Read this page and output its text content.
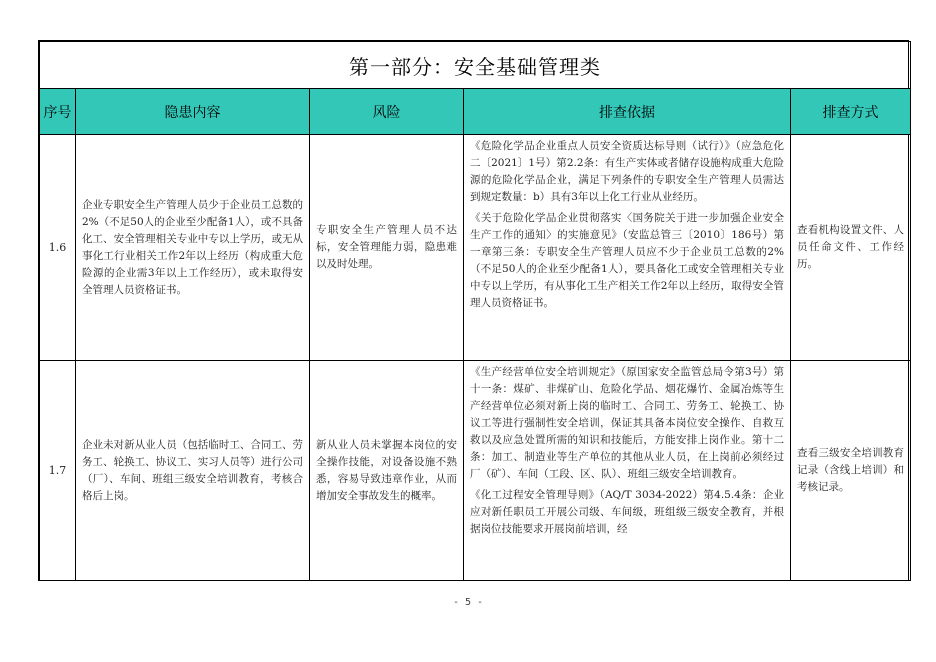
第一部分：安全基础管理类				
序号	隐患内容	风险	排查依据	排查方式
1.6	企业专职安全生产管理人员少于企业员工总数的2%（不足50人的企业至少配备1人），或不具备化工、安全管理相关专业中专以上学历，或无从事化工行业相关工作2年以上经历（构成重大危险源的企业需3年以上工作经历），或未取得安全管理人员资格证书。	专职安全生产管理人员不达标，安全管理能力弱，隐患难以及时处理。	《危险化学品企业重点人员安全资质达标导则（试行）》（应急危化二〔2021〕1号）第2.2条：有生产实体或者储存设施构成重大危险源的危险化学品企业，满足下列条件的专职安全生产管理人员需达到规定数量：b）具有3年以上化工行业从业经历。

《关于危险化学品企业贯彻落实〈国务院关于进一步加强企业安全生产工作的通知〉的实施意见》（安监总管三〔2010〕186号）第一章第三条：专职安全生产管理人员应不少于企业员工总数的2%（不足50人的企业至少配备1人），要具备化工或安全管理相关专业中专以上学历，有从事化工生产相关工作2年以上经历，取得安全管理人员资格证书。	查看机构设置文件、人员任命文件、工作经历。
1.7	企业未对新从业人员（包括临时工、合同工、劳务工、轮换工、协议工、实习人员等）进行公司（厂）、车间、班组三级安全培训教育，考核合格后上岗。	新从业人员未掌握本岗位的安全操作技能，对设备设施不熟悉，容易导致违章作业，从而增加安全事故发生的概率。	《生产经营单位安全培训规定》（原国家安全监管总局令第3号）第十一条：煤矿、非煤矿山、危险化学品、烟花爆竹、金属冶炼等生产经营单位必须对新上岗的临时工、合同工、劳务工、轮换工、协议工等进行强制性安全培训，保证其具备本岗位安全操作、自救互救以及应急处置所需的知识和技能后，方能安排上岗作业。第十二条：加工、制造业等生产单位的其他从业人员，在上岗前必须经过厂（矿）、车间（工段、区、队）、班组三级安全培训教育。

《化工过程安全管理导则》（AQ/T 3034-2022）第4.5.4条：企业应对新任职员工开展公司级、车间级，班组级三级安全教育，并根据岗位技能要求开展岗前培训，经	查看三级安全培训教育记录（含线上培训）和考核记录。
- 5 -
